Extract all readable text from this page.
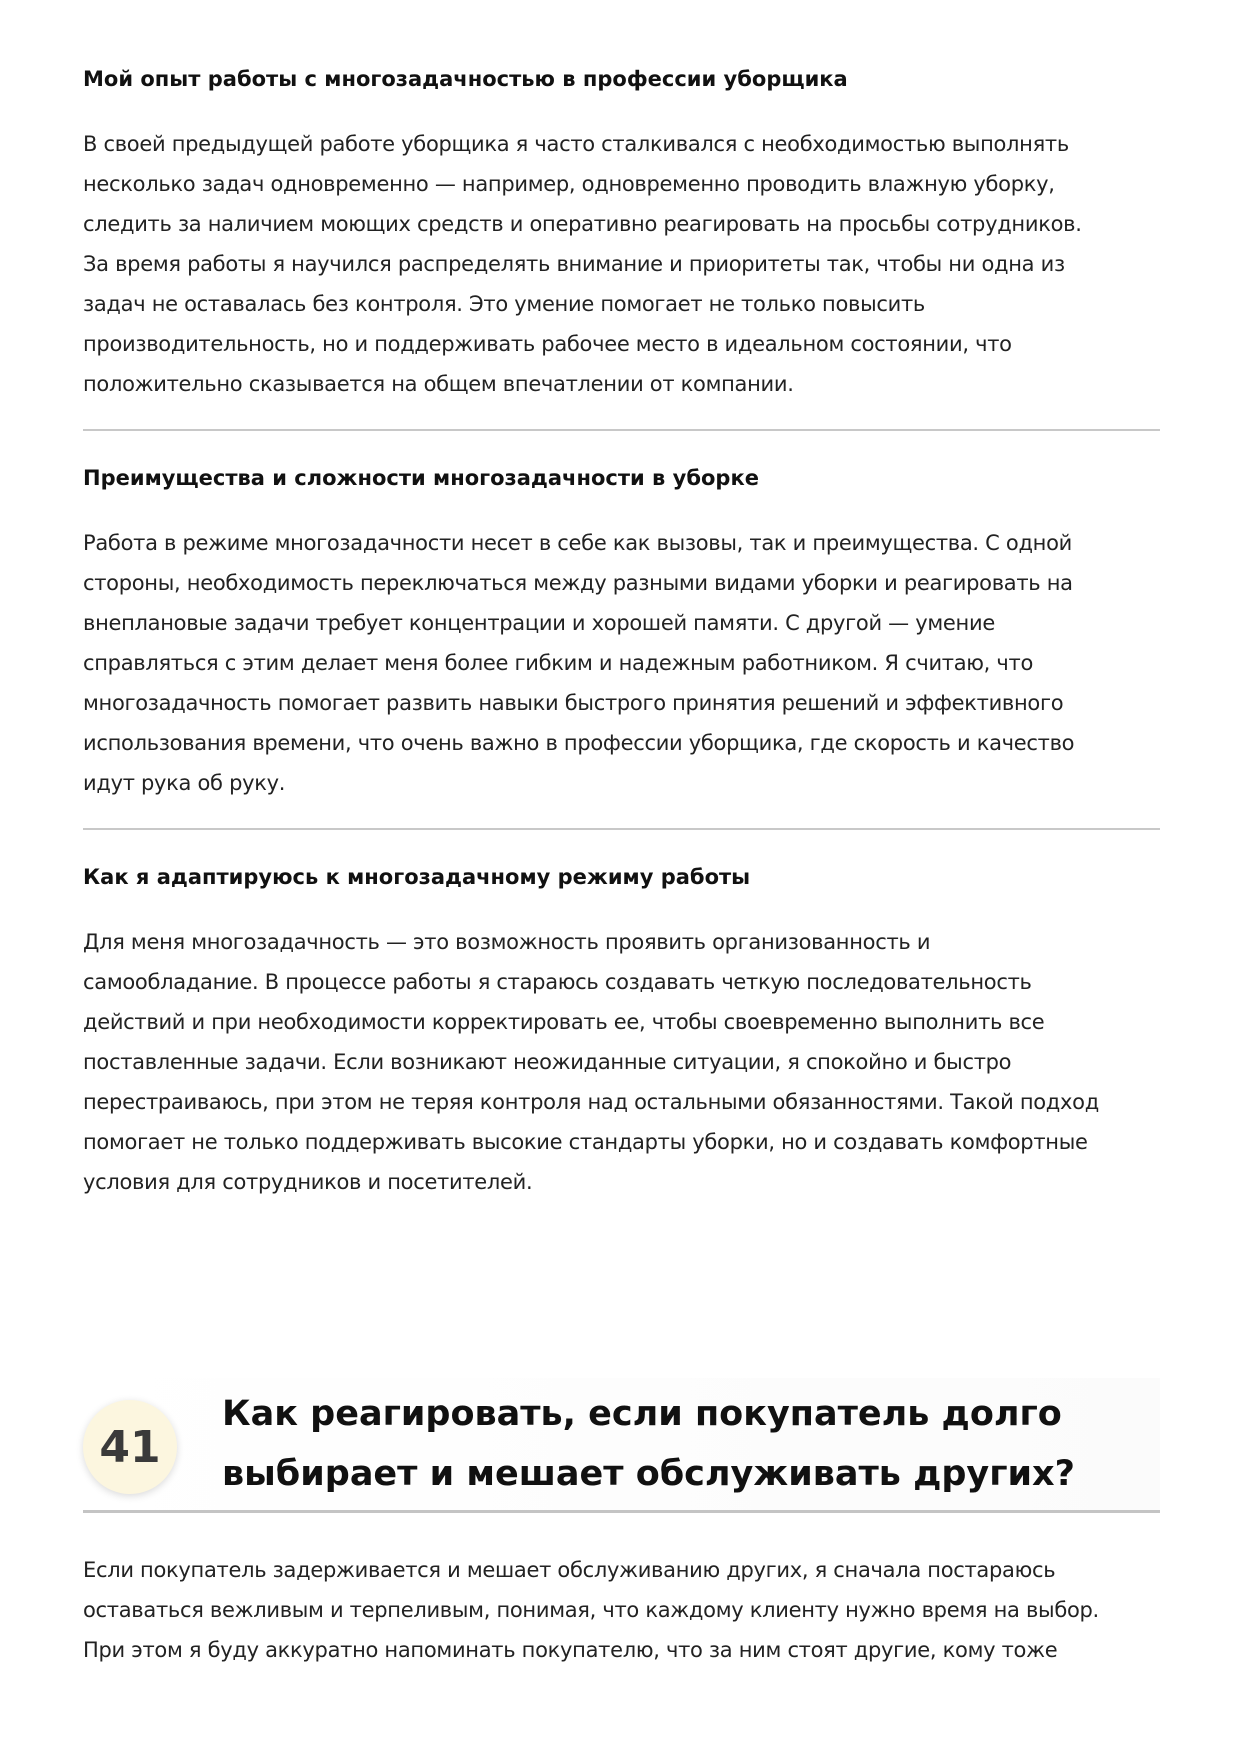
Мой опыт работы с многозадачностью в профессии уборщика

В своей предыдущей работе уборщика я часто сталкивался с необходимостью выполнять

несколько задач одновременно — например, одновременно проводить влажную уборку,

следить за наличием моющих средств и оперативно реагировать на просьбы сотрудников.

За время работы я научился распределять внимание и приоритеты так, чтобы ни одна из

задач не оставалась без контроля. Это умение помогает не только повысить

производительность, но и поддерживать рабочее место в идеальном состоянии, что

положительно сказывается на общем впечатлении от компании.

Преимущества и сложности многозадачности в уборке

Работа в режиме многозадачности несет в себе как вызовы, так и преимущества. С одной

стороны, необходимость переключаться между разными видами уборки и реагировать на

внеплановые задачи требует концентрации и хорошей памяти. С другой — умение

справляться с этим делает меня более гибким и надежным работником. Я считаю, что

многозадачность помогает развить навыки быстрого принятия решений и эффективного

использования времени, что очень важно в профессии уборщика, где скорость и качество

идут рука об руку.

Как я адаптируюсь к многозадачному режиму работы

Для меня многозадачность — это возможность проявить организованность и

самообладание. В процессе работы я стараюсь создавать четкую последовательность

действий и при необходимости корректировать ее, чтобы своевременно выполнить все

поставленные задачи. Если возникают неожиданные ситуации, я спокойно и быстро

перестраиваюсь, при этом не теряя контроля над остальными обязанностями. Такой подход

помогает не только поддерживать высокие стандарты уборки, но и создавать комфортные

условия для сотрудников и посетителей.

41
Как реагировать, если покупатель долго
выбирает и мешает обслуживать других?

Если покупатель задерживается и мешает обслуживанию других, я сначала постараюсь

оставаться вежливым и терпеливым, понимая, что каждому клиенту нужно время на выбор.

При этом я буду аккуратно напоминать покупателю, что за ним стоят другие, кому тоже
